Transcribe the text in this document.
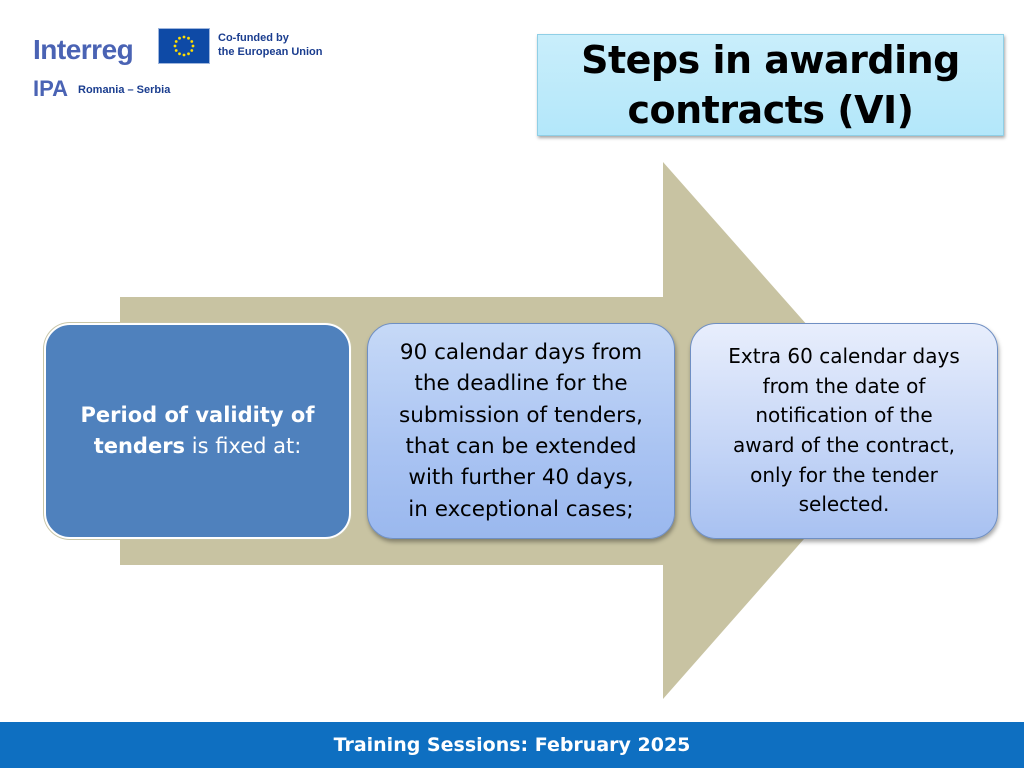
Interreg	Co-funded by
the European Union
IPA Romania – Serbia
Steps in awarding
contracts (VI)

Period of validity of
tenders is fixed at:

90 calendar days from
the deadline for the
submission of tenders,
that can be extended
with further 40 days,
in exceptional cases;

Extra 60 calendar days
from the date of
notification of the
award of the contract,
only for the tender
selected.

Training Sessions: February 2025
